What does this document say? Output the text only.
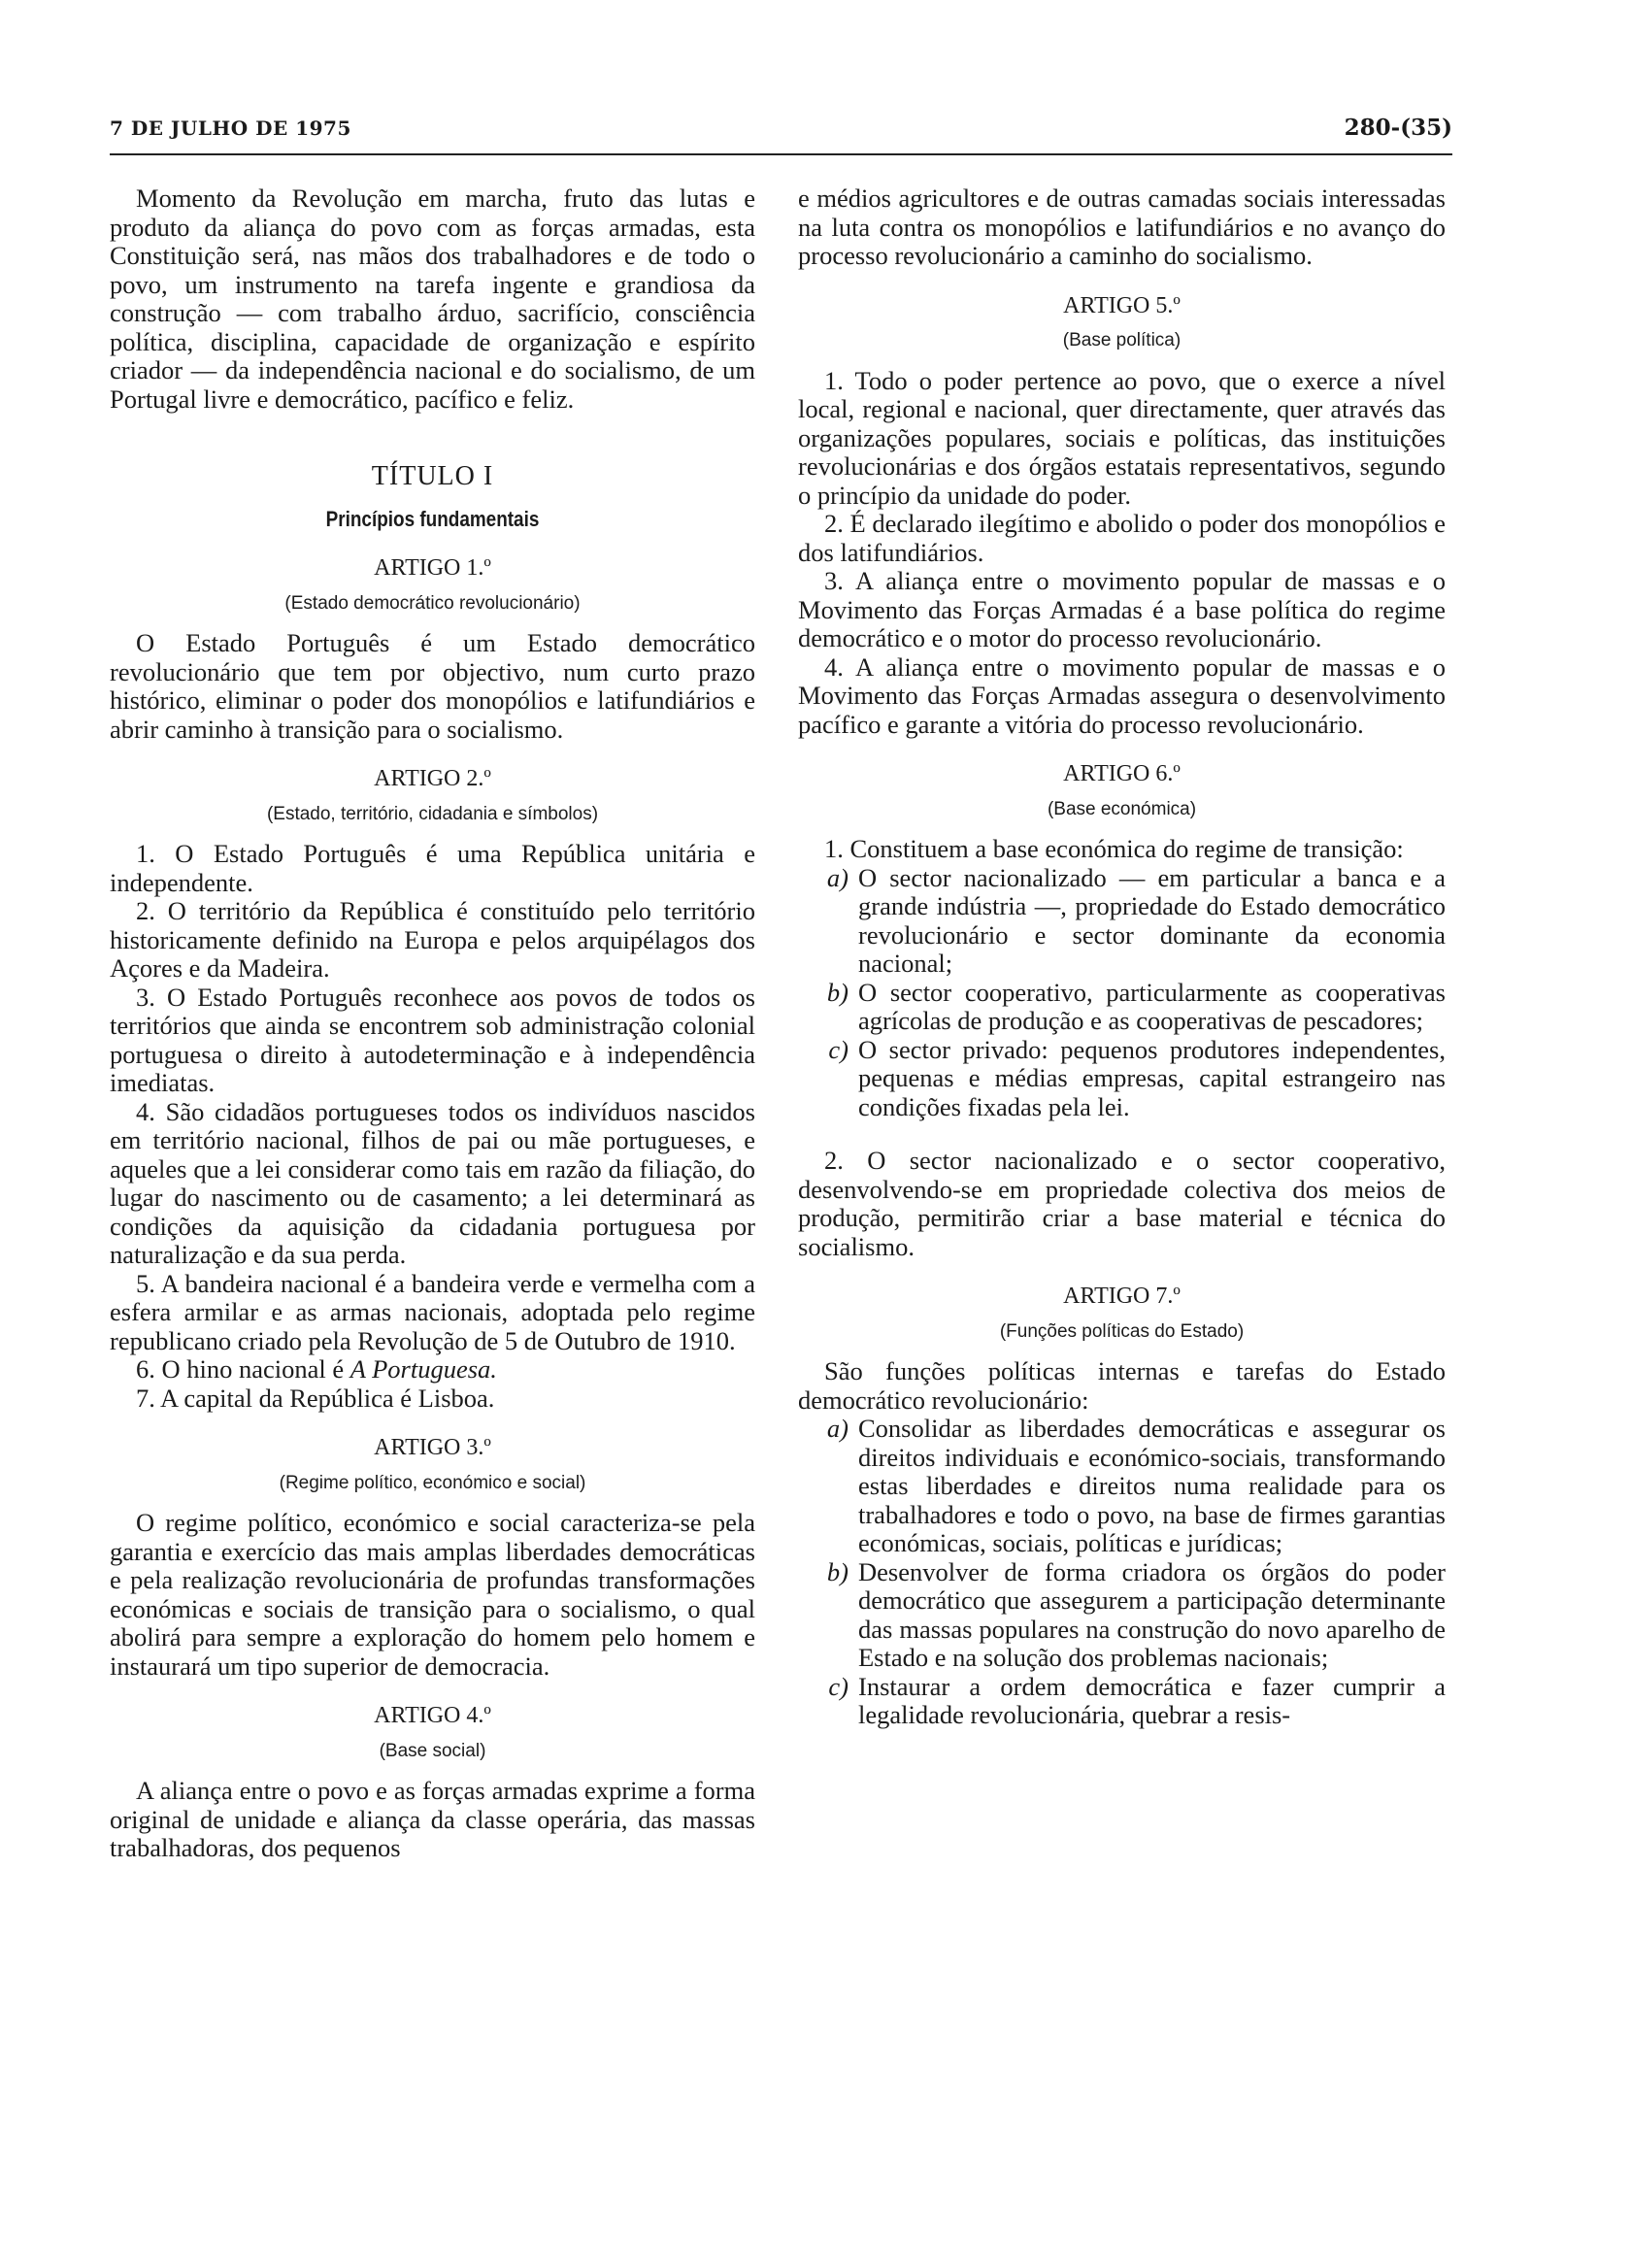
7 DE JULHO DE 1975	280-(35)

Momento da Revolução em marcha, fruto das lutas e produto da aliança do povo com as forças armadas, esta Constituição será, nas mãos dos trabalhadores e de todo o povo, um instrumento na tarefa ingente e grandiosa da construção — com trabalho árduo, sacrifício, consciência política, disciplina, capacidade de organização e espírito criador — da independência nacional e do socialismo, de um Portugal livre e democrático, pacífico e feliz.

TÍTULO I
Princípios fundamentais
ARTIGO 1.º
(Estado democrático revolucionário)

O Estado Português é um Estado democrático revolucionário que tem por objectivo, num curto prazo histórico, eliminar o poder dos monopólios e latifundiários e abrir caminho à transição para o socialismo.

ARTIGO 2.º
(Estado, território, cidadania e símbolos)

1. O Estado Português é uma República unitária e independente.

2. O território da República é constituído pelo território historicamente definido na Europa e pelos arquipélagos dos Açores e da Madeira.

3. O Estado Português reconhece aos povos de todos os territórios que ainda se encontrem sob administração colonial portuguesa o direito à autodeterminação e à independência imediatas.

4. São cidadãos portugueses todos os indivíduos nascidos em território nacional, filhos de pai ou mãe portugueses, e aqueles que a lei considerar como tais em razão da filiação, do lugar do nascimento ou de casamento; a lei determinará as condições da aquisição da cidadania portuguesa por naturalização e da sua perda.

5. A bandeira nacional é a bandeira verde e vermelha com a esfera armilar e as armas nacionais, adoptada pelo regime republicano criado pela Revolução de 5 de Outubro de 1910.

6. O hino nacional é A Portuguesa.

7. A capital da República é Lisboa.

ARTIGO 3.º
(Regime político, económico e social)

O regime político, económico e social caracteriza-se pela garantia e exercício das mais amplas liberdades democráticas e pela realização revolucionária de profundas transformações económicas e sociais de transição para o socialismo, o qual abolirá para sempre a exploração do homem pelo homem e instaurará um tipo superior de democracia.

ARTIGO 4.º
(Base social)

A aliança entre o povo e as forças armadas exprime a forma original de unidade e aliança da classe operária, das massas trabalhadoras, dos pequenos

e médios agricultores e de outras camadas sociais interessadas na luta contra os monopólios e latifundiários e no avanço do processo revolucionário a caminho do socialismo.

ARTIGO 5.º
(Base política)

1. Todo o poder pertence ao povo, que o exerce a nível local, regional e nacional, quer directamente, quer através das organizações populares, sociais e políticas, das instituições revolucionárias e dos órgãos estatais representativos, segundo o princípio da unidade do poder.

2. É declarado ilegítimo e abolido o poder dos monopólios e dos latifundiários.

3. A aliança entre o movimento popular de massas e o Movimento das Forças Armadas é a base política do regime democrático e o motor do processo revolucionário.

4. A aliança entre o movimento popular de massas e o Movimento das Forças Armadas assegura o desenvolvimento pacífico e garante a vitória do processo revolucionário.

ARTIGO 6.º
(Base económica)

1. Constituem a base económica do regime de transição:

a) O sector nacionalizado — em particular a banca e a grande indústria —, propriedade do Estado democrático revolucionário e sector dominante da economia nacional;
b) O sector cooperativo, particularmente as cooperativas agrícolas de produção e as cooperativas de pescadores;
c) O sector privado: pequenos produtores independentes, pequenas e médias empresas, capital estrangeiro nas condições fixadas pela lei.

2. O sector nacionalizado e o sector cooperativo, desenvolvendo-se em propriedade colectiva dos meios de produção, permitirão criar a base material e técnica do socialismo.

ARTIGO 7.º
(Funções políticas do Estado)

São funções políticas internas e tarefas do Estado democrático revolucionário:

a) Consolidar as liberdades democráticas e assegurar os direitos individuais e económico-sociais, transformando estas liberdades e direitos numa realidade para os trabalhadores e todo o povo, na base de firmes garantias económicas, sociais, políticas e jurídicas;
b) Desenvolver de forma criadora os órgãos do poder democrático que assegurem a participação determinante das massas populares na construção do novo aparelho de Estado e na solução dos problemas nacionais;
c) Instaurar a ordem democrática e fazer cumprir a legalidade revolucionária, quebrar a resis-
